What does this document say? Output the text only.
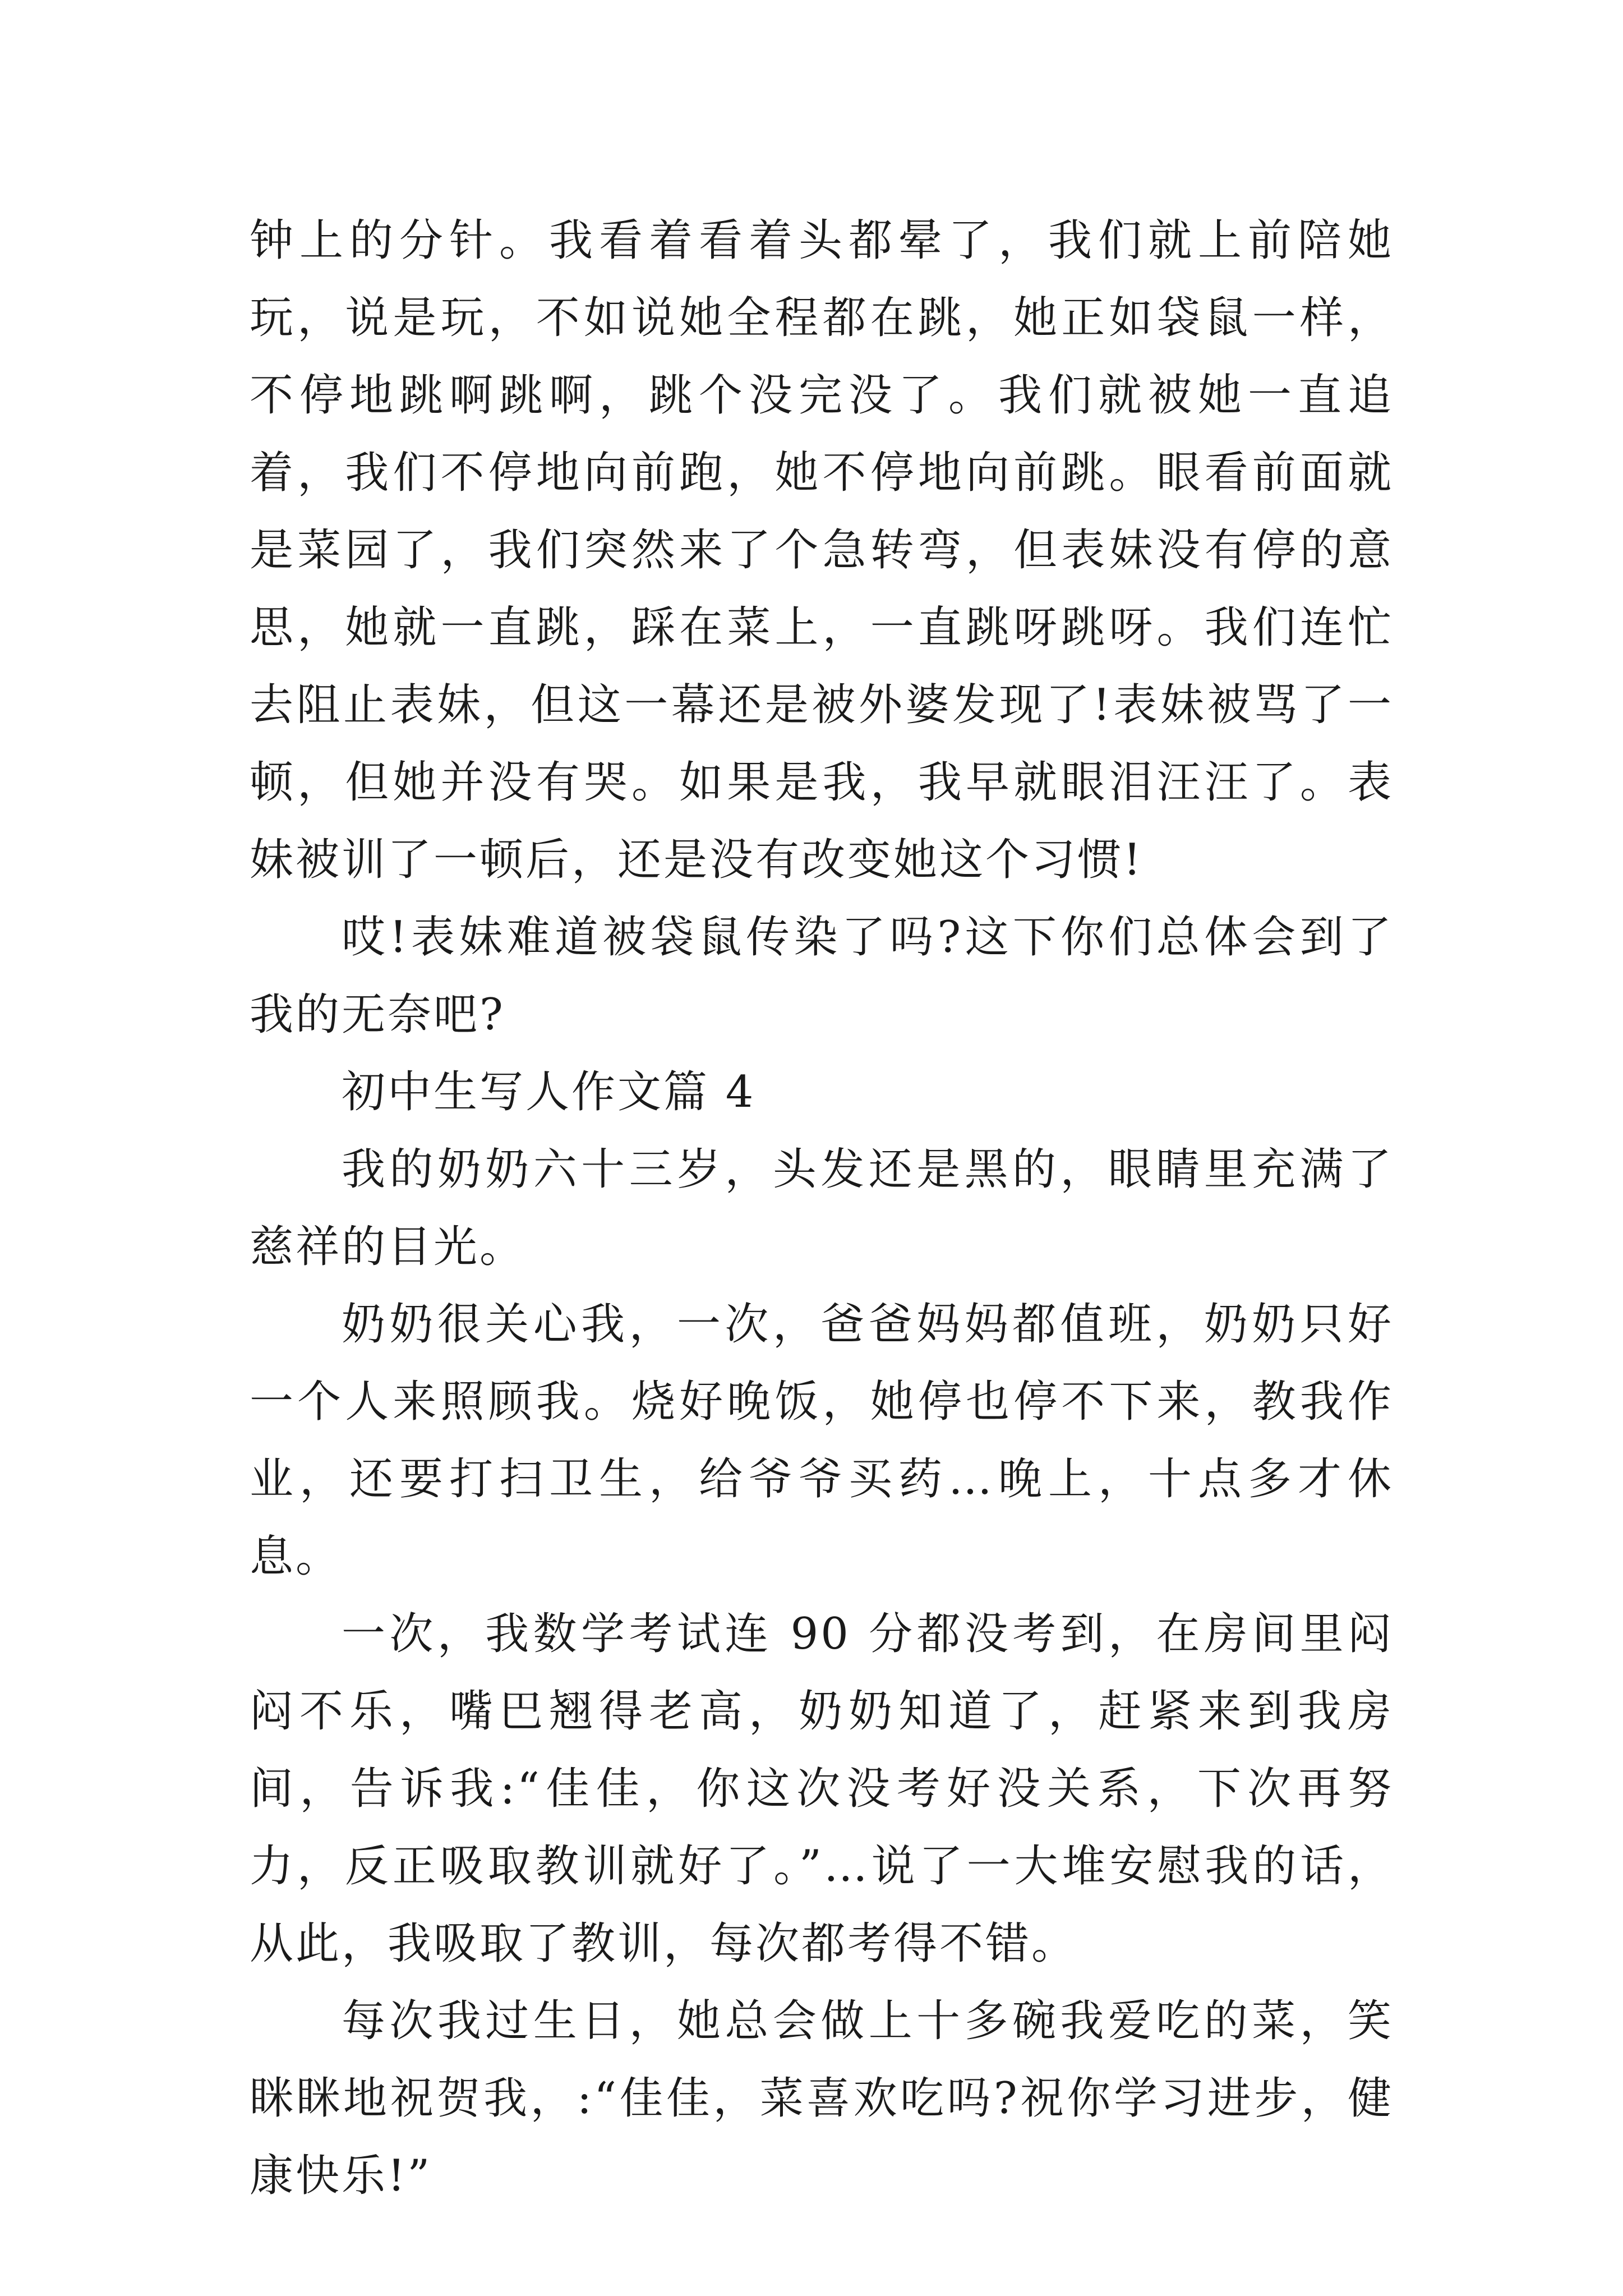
钟上的分针。我看着看着头都晕了，我们就上前陪她玩，说是玩，不如说她全程都在跳，她正如袋鼠一样，不停地跳啊跳啊，跳个没完没了。我们就被她一直追着，我们不停地向前跑，她不停地向前跳。眼看前面就是菜园了，我们突然来了个急转弯，但表妹没有停的意思，她就一直跳，踩在菜上，一直跳呀跳呀。我们连忙去阻止表妹，但这一幕还是被外婆发现了!表妹被骂了一顿，但她并没有哭。如果是我，我早就眼泪汪汪了。表妹被训了一顿后，还是没有改变她这个习惯!

哎!表妹难道被袋鼠传染了吗?这下你们总体会到了我的无奈吧?

初中生写人作文篇 4

我的奶奶六十三岁，头发还是黑的，眼睛里充满了慈祥的目光。

奶奶很关心我，一次，爸爸妈妈都值班，奶奶只好一个人来照顾我。烧好晚饭，她停也停不下来，教我作业，还要打扫卫生，给爷爷买药…晚上，十点多才休息。

一次，我数学考试连 90 分都没考到，在房间里闷闷不乐，嘴巴翘得老高，奶奶知道了，赶紧来到我房间，告诉我:“佳佳，你这次没考好没关系，下次再努力，反正吸取教训就好了。”…说了一大堆安慰我的话，从此，我吸取了教训，每次都考得不错。

每次我过生日，她总会做上十多碗我爱吃的菜，笑眯眯地祝贺我，:“佳佳，菜喜欢吃吗?祝你学习进步，健康快乐!”
